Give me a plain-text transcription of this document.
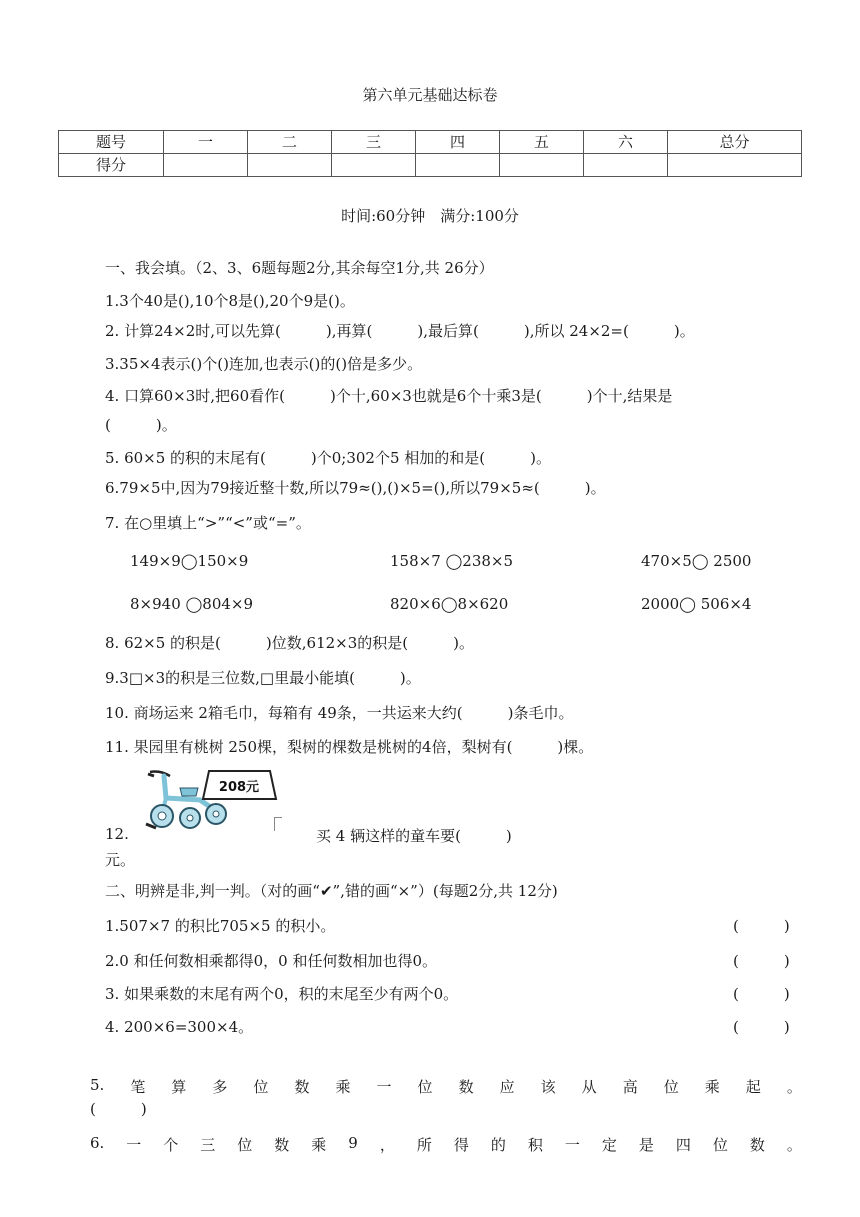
第六单元基础达标卷
题号	一	二	三	四	五	六	总分
得分							
时间:60分钟　满分:100分
一、我会填。（2、3、6题每题2分,其余每空1分,共 26分）
1.3个40是(),10个8是(),20个9是()。
2. 计算24×2时,可以先算(　　　),再算(　　　),最后算(　　　),所以 24×2=(　　　)。
3.35×4表示()个()连加,也表示()的()倍是多少。
4. 口算60×3时,把60看作(　　　)个十,60×3也就是6个十乘3是(　　　)个十,结果是
(　　　)。
5. 60×5 的积的末尾有(　　　)个0;302个5 相加的和是(　　　)。
6.79×5中,因为79接近整十数,所以79≈(),()×5=(),所以79×5≈(　　　)。
7. 在○里填上“>”“<”或“=”。
149×9◯150×9	158×7 ◯238×5	470×5◯ 2500
8×940 ◯804×9	820×6◯8×620	2000◯ 506×4
8. 62×5 的积是(　　　)位数,612×3的积是(　　　)。
9.3□×3的积是三位数,□里最小能填(　　　)。
10. 商场运来 2箱毛巾，每箱有 49条，一共运来大约(　　　)条毛巾。
11. 果园里有桃树 250棵，梨树的棵数是桃树的4倍，梨树有(　　　)棵。
208元
12.	买 4 辆这样的童车要(　　　)
元。
二、明辨是非,判一判。（对的画“✔”,错的画“×”）(每题2分,共 12分)
1.507×7 的积比705×5 的积小。	(　　　)
2.0 和任何数相乘都得0，0 和任何数相加也得0。	(　　　)
3. 如果乘数的末尾有两个0，积的末尾至少有两个0。	(　　　)
4. 200×6=300×4。	(　　　)
5. 笔 算 多 位 数 乘 一 位 数 应 该 从 高 位 乘 起 。
(　　　)
6. 一 个 三 位 数 乘 9 ， 所 得 的 积 一 定 是 四 位 数 。
